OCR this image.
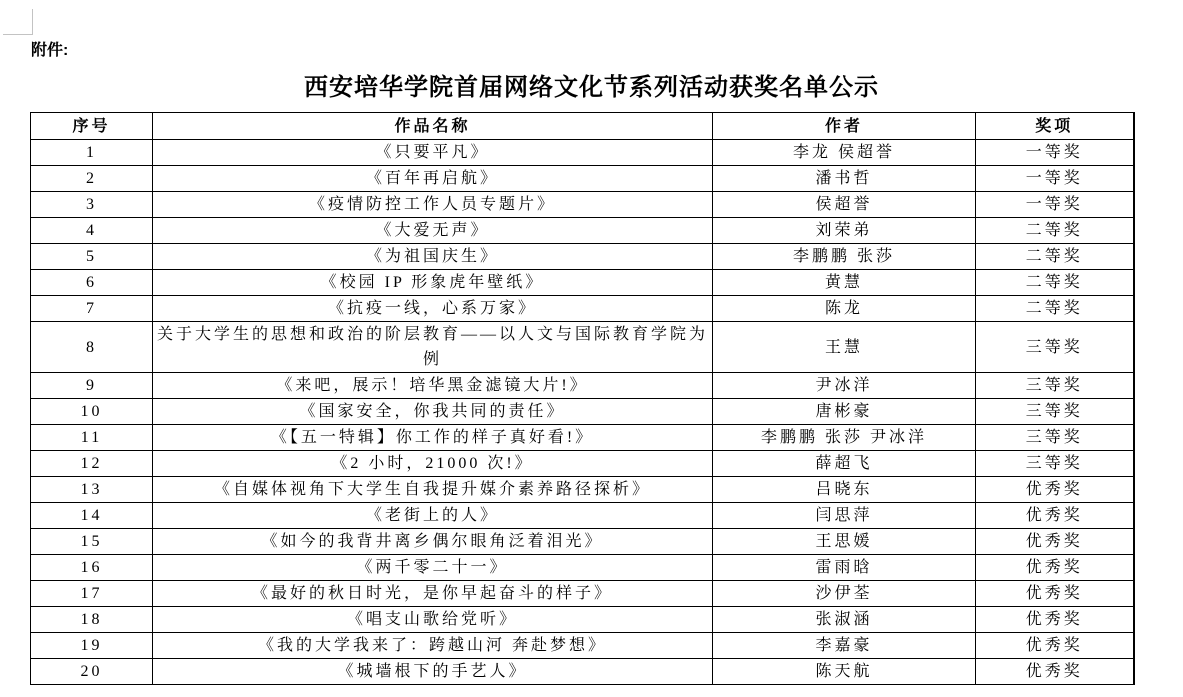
附件:
西安培华学院首届网络文化节系列活动获奖名单公示
序号	作品名称	作者	奖项
1	《只要平凡》	李龙 侯超誉	一等奖
2	《百年再启航》	潘书哲	一等奖
3	《疫情防控工作人员专题片》	侯超誉	一等奖
4	《大爱无声》	刘荣弟	二等奖
5	《为祖国庆生》	李鹏鹏 张莎	二等奖
6	《校园 IP 形象虎年壁纸》	黄慧	二等奖
7	《抗疫一线，心系万家》	陈龙	二等奖
8	关于大学生的思想和政治的阶层教育——以人文与国际教育学院为例	王慧	三等奖
9	《来吧，展示！培华黑金滤镜大片!》	尹冰洋	三等奖
10	《国家安全，你我共同的责任》	唐彬豪	三等奖
11	《【五一特辑】你工作的样子真好看!》	李鹏鹏 张莎 尹冰洋	三等奖
12	《2 小时，21000 次!》	薛超飞	三等奖
13	《自媒体视角下大学生自我提升媒介素养路径探析》	吕晓东	优秀奖
14	《老街上的人》	闫思萍	优秀奖
15	《如今的我背井离乡偶尔眼角泛着泪光》	王思媛	优秀奖
16	《两千零二十一》	雷雨晗	优秀奖
17	《最好的秋日时光，是你早起奋斗的样子》	沙伊荃	优秀奖
18	《唱支山歌给党听》	张淑涵	优秀奖
19	《我的大学我来了：跨越山河 奔赴梦想》	李嘉豪	优秀奖
20	《城墙根下的手艺人》	陈天航	优秀奖
